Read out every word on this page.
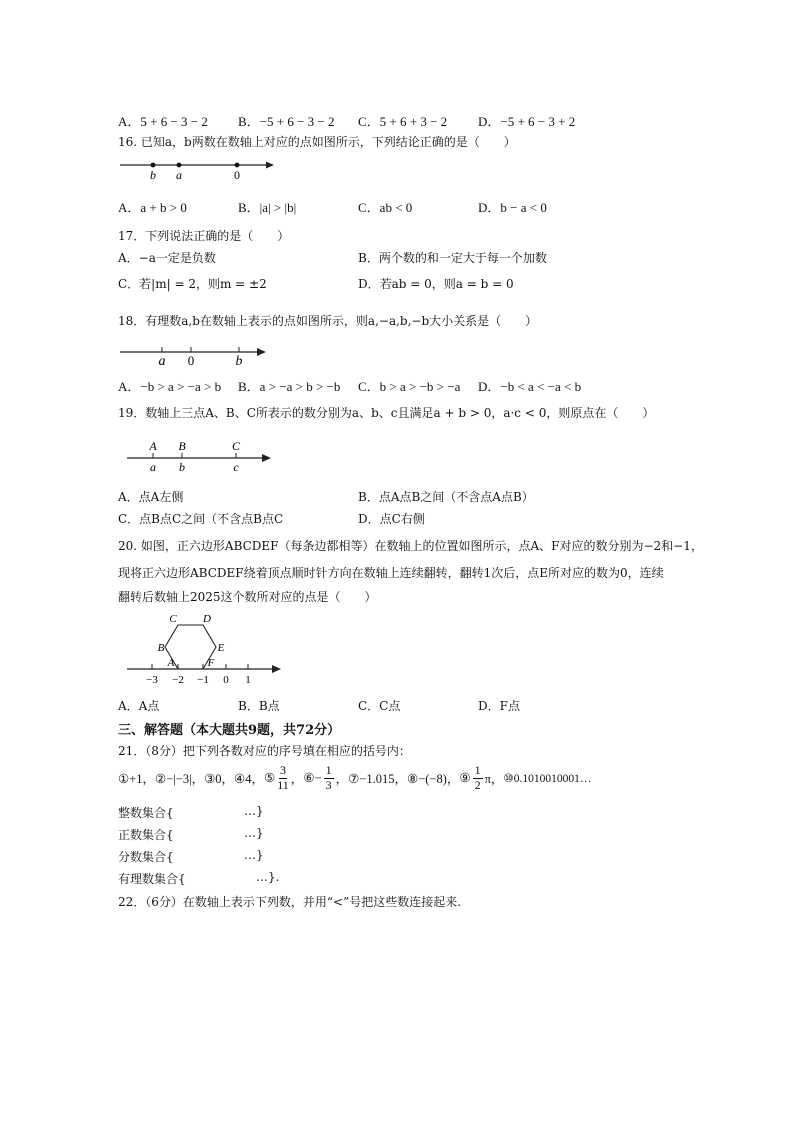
A．5 + 6 − 3 − 2 B．−5 + 6 − 3 − 2 C．5 + 6 + 3 − 2 D．−5 + 6 − 3 + 2
16. 已知a，b两数在数轴上对应的点如图所示，下列结论正确的是（　　）
b a	0
A．a + b > 0	B．|a| > |b|	C．ab < 0	D．b − a < 0
17．下列说法正确的是（　　）
A．−a一定是负数	B．两个数的和一定大于每一个加数
C．若|m| = 2，则m = ±2	D．若ab = 0，则a = b = 0
18．有理数a,b在数轴上表示的点如图所示，则a,−a,b,−b大小关系是（　　）
a 0	b
A．−b > a > −a > b B．a > −a > b > −b C．b > a > −b > −a D．−b < a < −a < b
19．数轴上三点A、B、C所表示的数分别为a、b、c且满足a + b > 0，a·c < 0，则原点在（　　）
A B	C
a b	c
A．点A左侧	B．点A点B之间（不含点A点B）
C．点B点C之间（不含点B点C	D．点C右侧
20. 如图，正六边形ABCDEF（每条边都相等）在数轴上的位置如图所示，点A、F对应的数分别为−2和−1，
现将正六边形ABCDEF绕着顶点顺时针方向在数轴上连续翻转，翻转1次后，点E所对应的数为0，连续
翻转后数轴上2025这个数所对应的点是（　　）
C D
B	E
A	F
−3 −2 −1 0 1
A．A点	B．B点	C．C点	D．F点
三、解答题（本大题共9题，共72分）
21．（8分）把下列各数对应的序号填在相应的括号内：
①+1， ②−|−3|， ③0， ④4， ⑤ $\frac{3}{11}$ ， ⑥− $\frac{1}{3}$ ， ⑦−1.015， ⑧−(−8)， ⑨ $\frac{1}{2}$ π， ⑩0.1010010001…
整数集合{	…}
正数集合{	…}
分数集合{	…}
有理数集合{	…}.
22．（6分）在数轴上表示下列数，并用“<”号把这些数连接起来.
